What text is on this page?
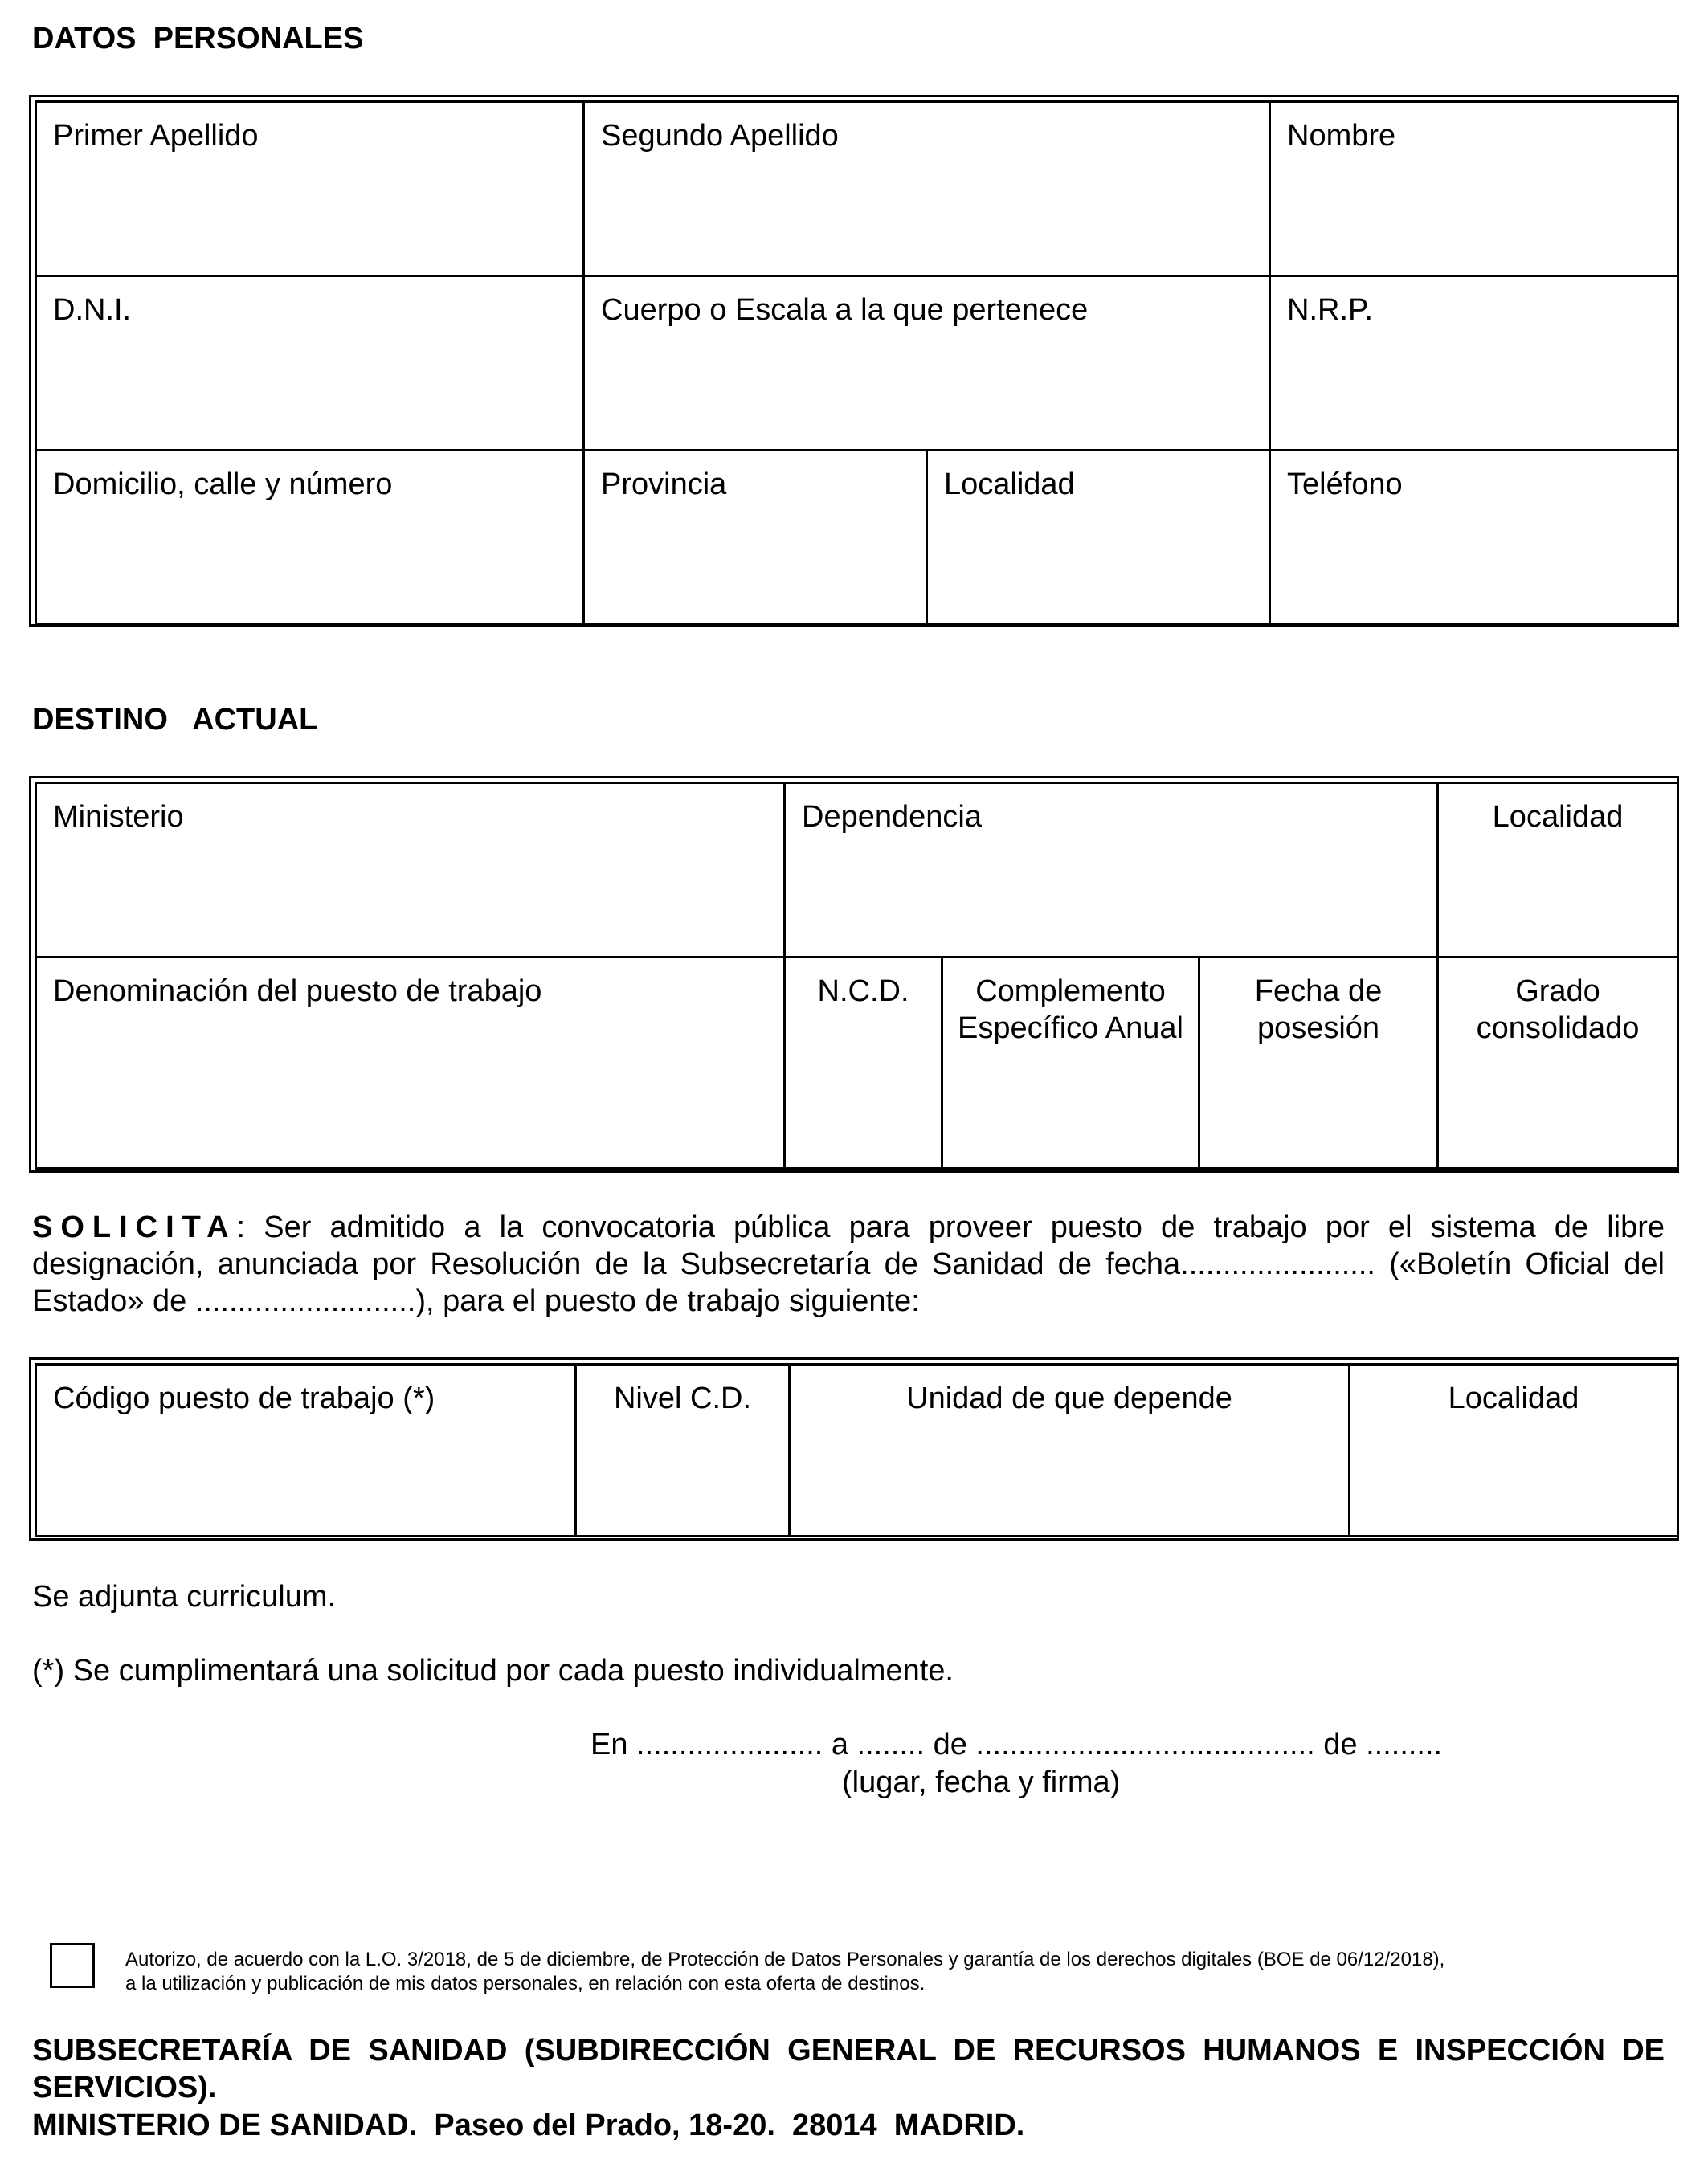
DATOS  PERSONALES
Primer Apellido	Segundo Apellido		Nombre

D.N.I.	Cuerpo o Escala a la que pertenece		N.R.P.

Domicilio, calle y número	Provincia	Localidad	Teléfono
DESTINO   ACTUAL
Ministerio	Dependencia			Localidad

Denominación del puesto de trabajo	N.C.D.	Complemento Específico Anual	Fecha de posesión	Grado consolidado
SOLICITA: Ser admitido a la convocatoria pública para proveer puesto de trabajo por el sistema de libre designación, anunciada por Resolución de la Subsecretaría de Sanidad de fecha....................... («Boletín Oficial del Estado» de ..........................), para el puesto de trabajo siguiente:
Código puesto de trabajo (*)	Nivel C.D.	Unidad de que depende	Localidad
Se adjunta curriculum.
(*) Se cumplimentará una solicitud por cada puesto individualmente.
En ...................... a ........ de ........................................ de .........
(lugar, fecha y firma)
Autorizo, de acuerdo con la L.O. 3/2018, de 5 de diciembre, de Protección de Datos Personales y garantía de los derechos digitales (BOE de 06/12/2018), a la utilización y publicación de mis datos personales, en relación con esta oferta de destinos.
SUBSECRETARÍA DE SANIDAD (SUBDIRECCIÓN GENERAL DE RECURSOS HUMANOS E INSPECCIÓN DE SERVICIOS).
MINISTERIO DE SANIDAD.  Paseo del Prado, 18-20.  28014  MADRID.
